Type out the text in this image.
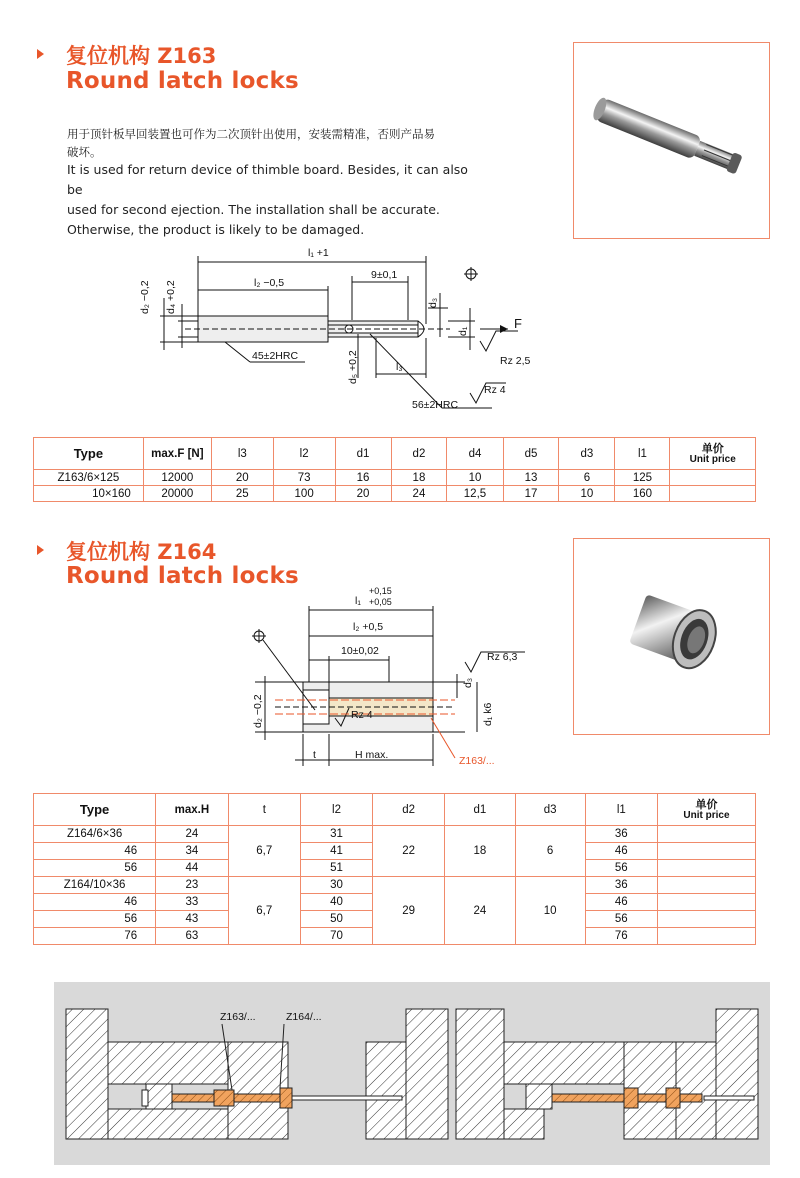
复位机构 Z163
Round latch locks
用于顶针板早回装置也可作为二次顶针出使用，安装需精准，否则产品易
破坏。
It is used for return device of thimble board. Besides, it can also be
used for second ejection. The installation shall be accurate.
Otherwise, the product is likely to be damaged.
l₁ +1
l₂ −0,5
9±0,1
d₂ −0,2 d₄ +0,2	d₃
d₁
F
45±2HRC	d₅ +0,2	l₃	Rz 2,5
Rz 4
56±2HRC
Type	max.F [N]	l3	l2	d1	d2	d4	d5	d3	l1	单价
Unit price

Z163/6×125	12000	20	73	16	18	10	13	6	125	
10×160	20000	25	100	20	24	12,5	17	10	160	
复位机构 Z164
Round latch locks
l₁
+0,15
+0,05
l₂ +0,5
10±0,02	Rz 6,3
d₃
d₁ k6
d₂ −0,2	Rz 4
t	H max.	Z163/...
Type	max.H	t	l2	d2	d1	d3	l1	单价
Unit price

Z164/6×36	24	6,7	31	22	18	6	36	
46	34		41				46	
56	44		51				56	
Z164/10×36	23	6,7	30	29	24	10	36	
46	33		40				46	
56	43		50				56	
76	63		70				76	
Z163/...	Z164/...
